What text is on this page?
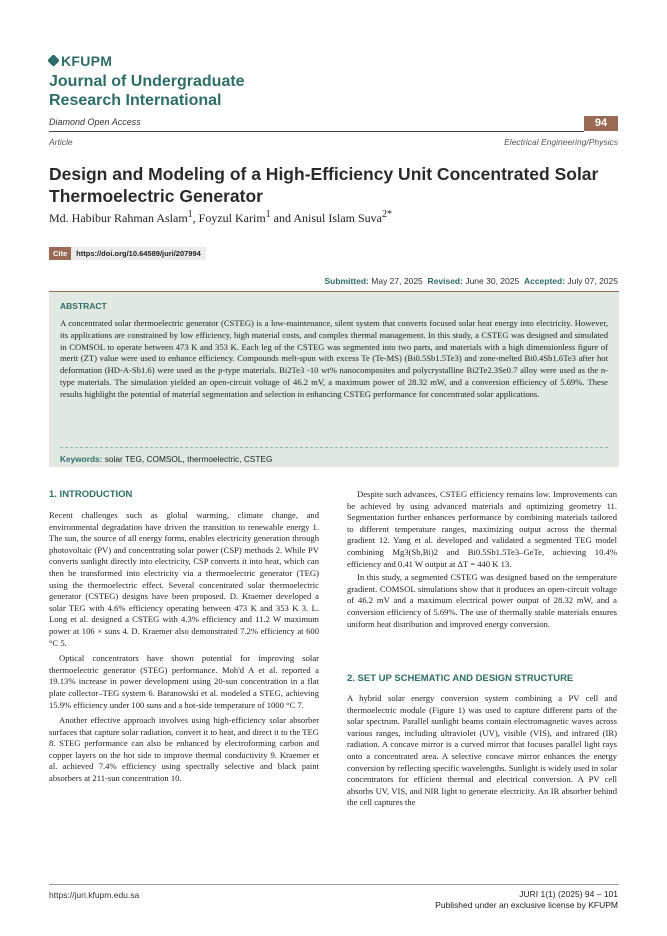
KFUPM
Journal of Undergraduate
Research International
Diamond Open Access	94
Article	Electrical Engineering/Physics
Design and Modeling of a High-Efficiency Unit Concentrated Solar Thermoelectric Generator
Md. Habibur Rahman Aslam$^1$, Foyzul Karim$^1$ and Anisul Islam Suva$^{2*}$
Cite https://doi.org/10.64589/juri/207994
Submitted: May 27, 2025 Revised: June 30, 2025 Accepted: July 07, 2025
ABSTRACT
A concentrated solar thermoelectric generator (CSTEG) is a low-maintenance, silent system that converts focused solar heat energy into electricity. However, its applications are constrained by low efficiency, high material costs, and complex thermal management. In this study, a CSTEG was designed and simulated in COMSOL to operate between 473 K and 353 K. Each leg of the CSTEG was segmented into two parts, and materials with a high dimensionless figure of merit (ZT) value were used to enhance efficiency. Compounds melt-spun with excess Te (Te-MS) (Bi0.5Sb1.5Te3) and zone-melted Bi0.4Sb1.6Te3 after hot deformation (HD-A-Sb1.6) were used as the p-type materials. Bi2Te3 -10 wt% nanocomposites and polycrystalline Bi2Te2.3Se0.7 alloy were used as the n-type materials. The simulation yielded an open-circuit voltage of 46.2 mV, a maximum power of 28.32 mW, and a conversion efficiency of 5.69%. These results highlight the potential of material segmentation and selection in enhancing CSTEG performance for concentrated solar applications.
Keywords: solar TEG, COMSOL, thermoelectric, CSTEG
1. INTRODUCTION

Recent challenges such as global warming, climate change, and environmental degradation have driven the transition to renewable energy 1. The sun, the source of all energy forms, enables electricity generation through photovoltaic (PV) and concentrating solar power (CSP) methods 2. While PV converts sunlight directly into electricity, CSP converts it into heat, which can then be transformed into electricity via a thermoelectric generator (TEG) using the thermoelectric effect. Several concentrated solar thermoelectric generator (CSTEG) designs have been proposed. D. Kraemer developed a solar TEG with 4.6% efficiency operating between 473 K and 353 K 3. L. Long et al. designed a CSTEG with 4.3% efficiency and 11.2 W maximum power at 106 × suns 4. D. Kraemer also demonstrated 7.2% efficiency at 600 °C 5.

Optical concentrators have shown potential for improving solar thermoelectric generator (STEG) performance. Moh'd A et al. reported a 19.13% increase in power development using 20-sun concentration in a flat plate collector–TEG system 6. Baranowski et al. modeled a STEG, achieving 15.9% efficiency under 100 suns and a hot-side temperature of 1000 °C 7.

Another effective approach involves using high-efficiency solar absorber surfaces that capture solar radiation, convert it to heat, and direct it to the TEG 8. STEG performance can also be enhanced by electroforming carbon and copper layers on the hot side to improve thermal conductivity 9. Kraemer et al. achieved 7.4% efficiency using spectrally selective and black paint absorbers at 211-sun concentration 10.

Despite such advances, CSTEG efficiency remains low. Improvements can be achieved by using advanced materials and optimizing geometry 11. Segmentation further enhances performance by combining materials tailored to different temperature ranges, maximizing output across the thermal gradient 12. Yang et al. developed and validated a segmented TEG model combining Mg3(Sb,Bi)2 and Bi0.5Sb1.5Te3–GeTe, achieving 10.4% efficiency and 0.41 W output at ΔT = 440 K 13.

In this study, a segmented CSTEG was designed based on the temperature gradient. COMSOL simulations show that it produces an open-circuit voltage of 46.2 mV and a maximum electrical power output of 28.32 mW, and a conversion efficiency of 5.69%. The use of thermally stable materials ensures uniform heat distribution and improved energy conversion.

2. SET UP SCHEMATIC AND DESIGN STRUCTURE

A hybrid solar energy conversion system combining a PV cell and thermoelectric module (Figure 1) was used to capture different parts of the solar spectrum. Parallel sunlight beams contain electromagnetic waves across various ranges, including ultraviolet (UV), visible (VIS), and infrared (IR) radiation. A concave mirror is a curved mirror that focuses parallel light rays onto a concentrated area. A selective concave mirror enhances the energy conversion by reflecting specific wavelengths. Sunlight is widely used in solar concentrators for efficient thermal and electrical conversion. A PV cell absorbs UV, VIS, and NIR light to generate electricity. An IR absorber behind the cell captures the

https://juri.kfupm.edu.sa	JURI 1(1) (2025) 94 – 101
Published under an exclusive license by KFUPM
